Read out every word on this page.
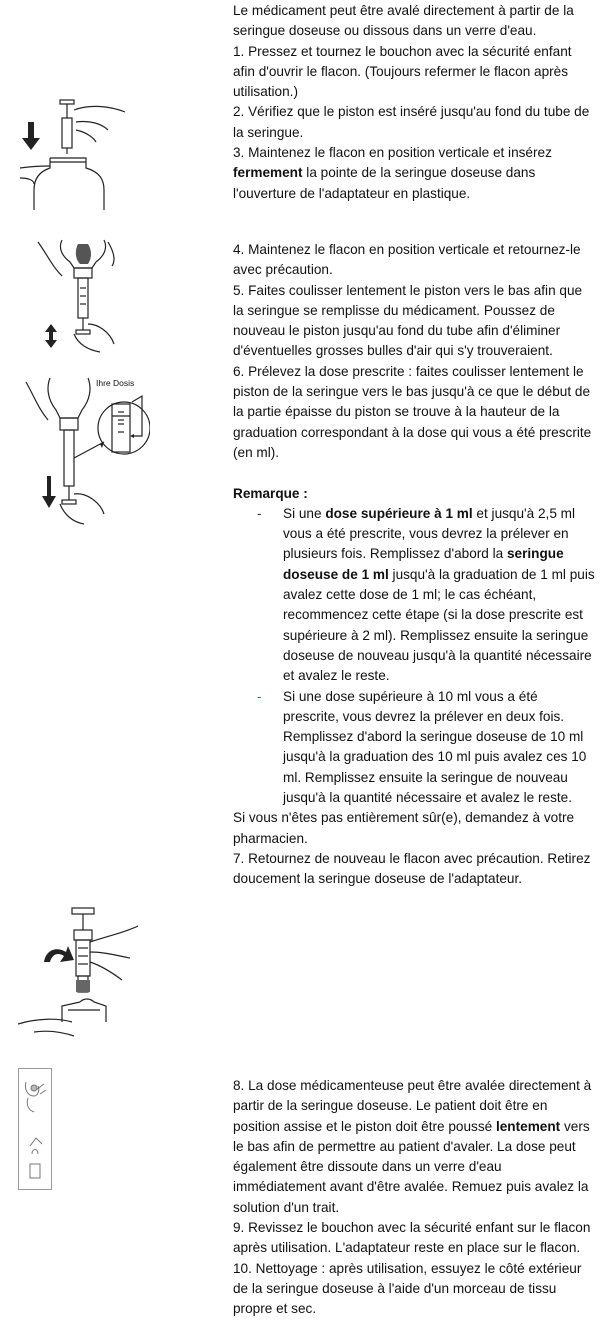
Ihre Dosis

Le médicament peut être avalé directement à partir de la seringue doseuse ou dissous dans un verre d'eau.

1. Pressez et tournez le bouchon avec la sécurité enfant afin d'ouvrir le flacon. (Toujours refermer le flacon après utilisation.)

2. Vérifiez que le piston est inséré jusqu'au fond du tube de la seringue.

3. Maintenez le flacon en position verticale et insérez fermement la pointe de la seringue doseuse dans l'ouverture de l'adaptateur en plastique.

4. Maintenez le flacon en position verticale et retournez-le avec précaution.

5. Faites coulisser lentement le piston vers le bas afin que la seringue se remplisse du médicament. Poussez de nouveau le piston jusqu'au fond du tube afin d'éliminer d'éventuelles grosses bulles d'air qui s'y trouveraient.

6. Prélevez la dose prescrite : faites coulisser lentement le piston de la seringue vers le bas jusqu'à ce que le début de la partie épaisse du piston se trouve à la hauteur de la graduation correspondant à la dose qui vous a été prescrite (en ml).

Remarque :

- Si une dose supérieure à 1 ml et jusqu'à 2,5 ml vous a été prescrite, vous devrez la prélever en plusieurs fois. Remplissez d'abord la seringue doseuse de 1 ml jusqu'à la graduation de 1 ml puis avalez cette dose de 1 ml; le cas échéant, recommencez cette étape (si la dose prescrite est supérieure à 2 ml). Remplissez ensuite la seringue doseuse de nouveau jusqu'à la quantité nécessaire et avalez le reste.

- Si une dose supérieure à 10 ml vous a été prescrite, vous devrez la prélever en deux fois. Remplissez d'abord la seringue doseuse de 10 ml jusqu'à la graduation des 10 ml puis avalez ces 10 ml. Remplissez ensuite la seringue de nouveau jusqu'à la quantité nécessaire et avalez le reste.

Si vous n'êtes pas entièrement sûr(e), demandez à votre pharmacien.

7. Retournez de nouveau le flacon avec précaution. Retirez doucement la seringue doseuse de l'adaptateur.

8. La dose médicamenteuse peut être avalée directement à partir de la seringue doseuse. Le patient doit être en position assise et le piston doit être poussé lentement vers le bas afin de permettre au patient d'avaler. La dose peut également être dissoute dans un verre d'eau immédiatement avant d'être avalée. Remuez puis avalez la solution d'un trait.

9. Revissez le bouchon avec la sécurité enfant sur le flacon après utilisation. L'adaptateur reste en place sur le flacon.

10. Nettoyage : après utilisation, essuyez le côté extérieur de la seringue doseuse à l'aide d'un morceau de tissu propre et sec.
